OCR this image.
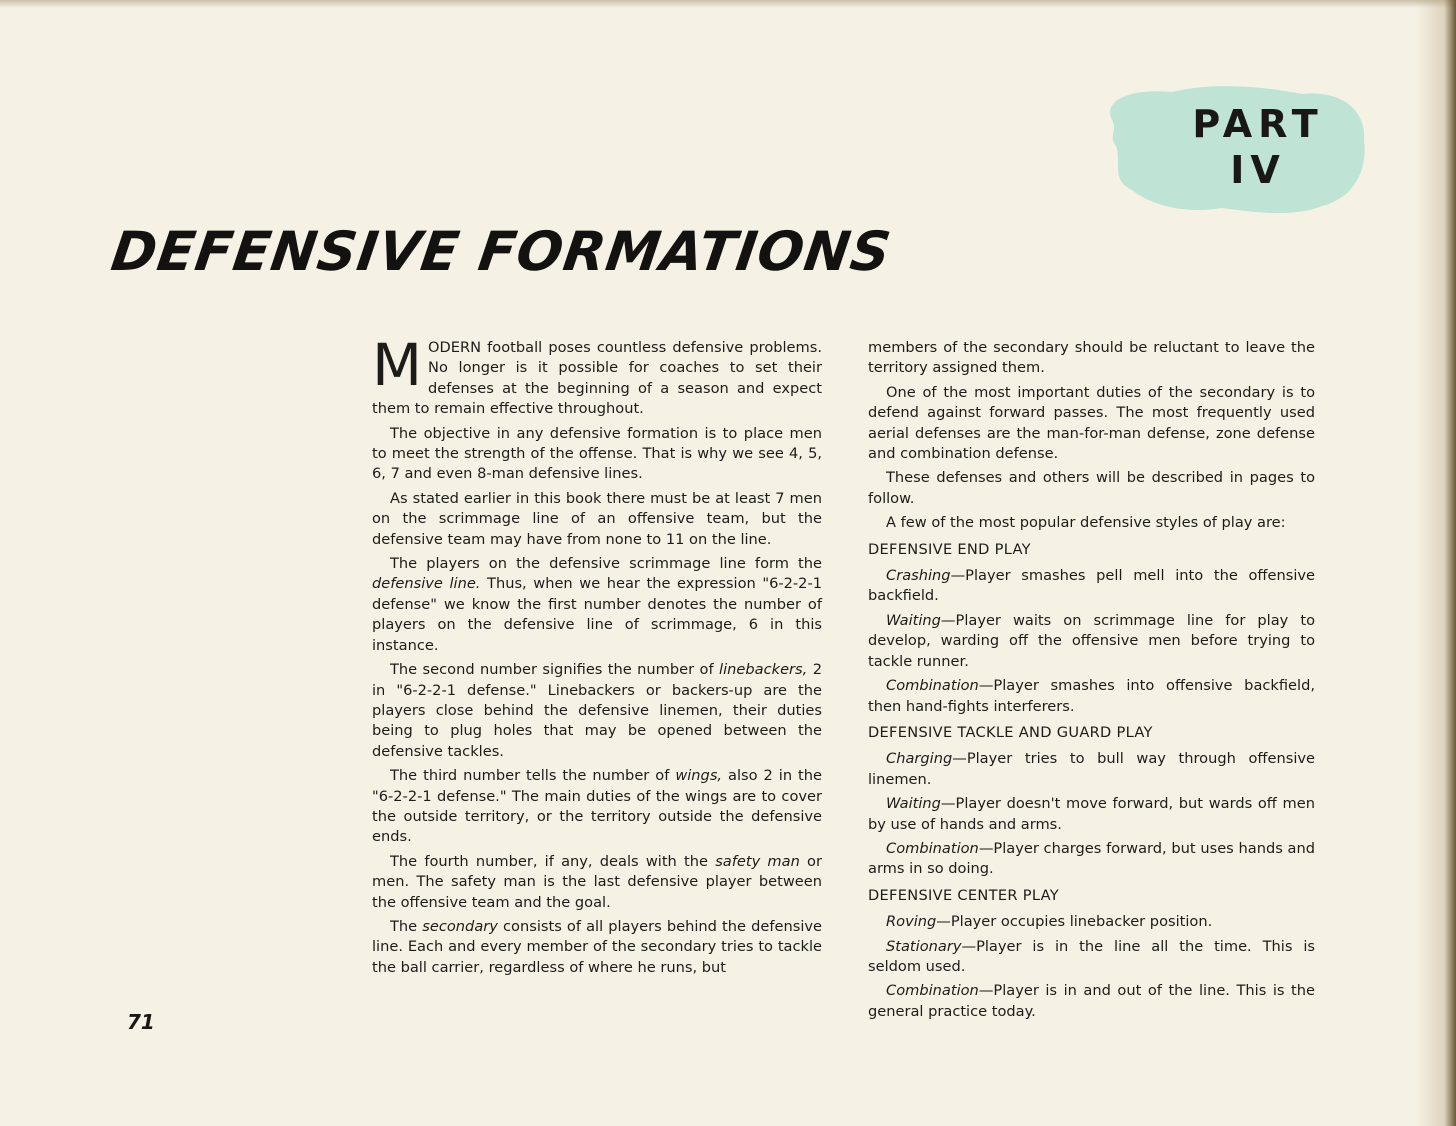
PART
IV
DEFENSIVE FORMATIONS

MODERN football poses countless defensive problems. No longer is it possible for coaches to set their defenses at the beginning of a season and expect them to remain effective throughout.

The objective in any defensive formation is to place men to meet the strength of the offense. That is why we see 4, 5, 6, 7 and even 8-man defensive lines.

As stated earlier in this book there must be at least 7 men on the scrimmage line of an offensive team, but the defensive team may have from none to 11 on the line.

The players on the defensive scrimmage line form the defensive line. Thus, when we hear the expression "6-2-2-1 defense" we know the first number denotes the number of players on the defensive line of scrimmage, 6 in this instance.

The second number signifies the number of linebackers, 2 in "6-2-2-1 defense." Linebackers or backers-up are the players close behind the defensive linemen, their duties being to plug holes that may be opened between the defensive tackles.

The third number tells the number of wings, also 2 in the "6-2-2-1 defense." The main duties of the wings are to cover the outside territory, or the territory outside the defensive ends.

The fourth number, if any, deals with the safety man or men. The safety man is the last defensive player between the offensive team and the goal.

The secondary consists of all players behind the defensive line. Each and every member of the secondary tries to tackle the ball carrier, regardless of where he runs, but

members of the secondary should be reluctant to leave the territory assigned them.

One of the most important duties of the secondary is to defend against forward passes. The most frequently used aerial defenses are the man-for-man defense, zone defense and combination defense.

These defenses and others will be described in pages to follow.

A few of the most popular defensive styles of play are:

DEFENSIVE END PLAY

Crashing—Player smashes pell mell into the offensive backfield.

Waiting—Player waits on scrimmage line for play to develop, warding off the offensive men before trying to tackle runner.

Combination—Player smashes into offensive backfield, then hand-fights interferers.

DEFENSIVE TACKLE AND GUARD PLAY

Charging—Player tries to bull way through offensive linemen.

Waiting—Player doesn't move forward, but wards off men by use of hands and arms.

Combination—Player charges forward, but uses hands and arms in so doing.

DEFENSIVE CENTER PLAY

Roving—Player occupies linebacker position.

Stationary—Player is in the line all the time. This is seldom used.

Combination—Player is in and out of the line. This is the general practice today.

71
